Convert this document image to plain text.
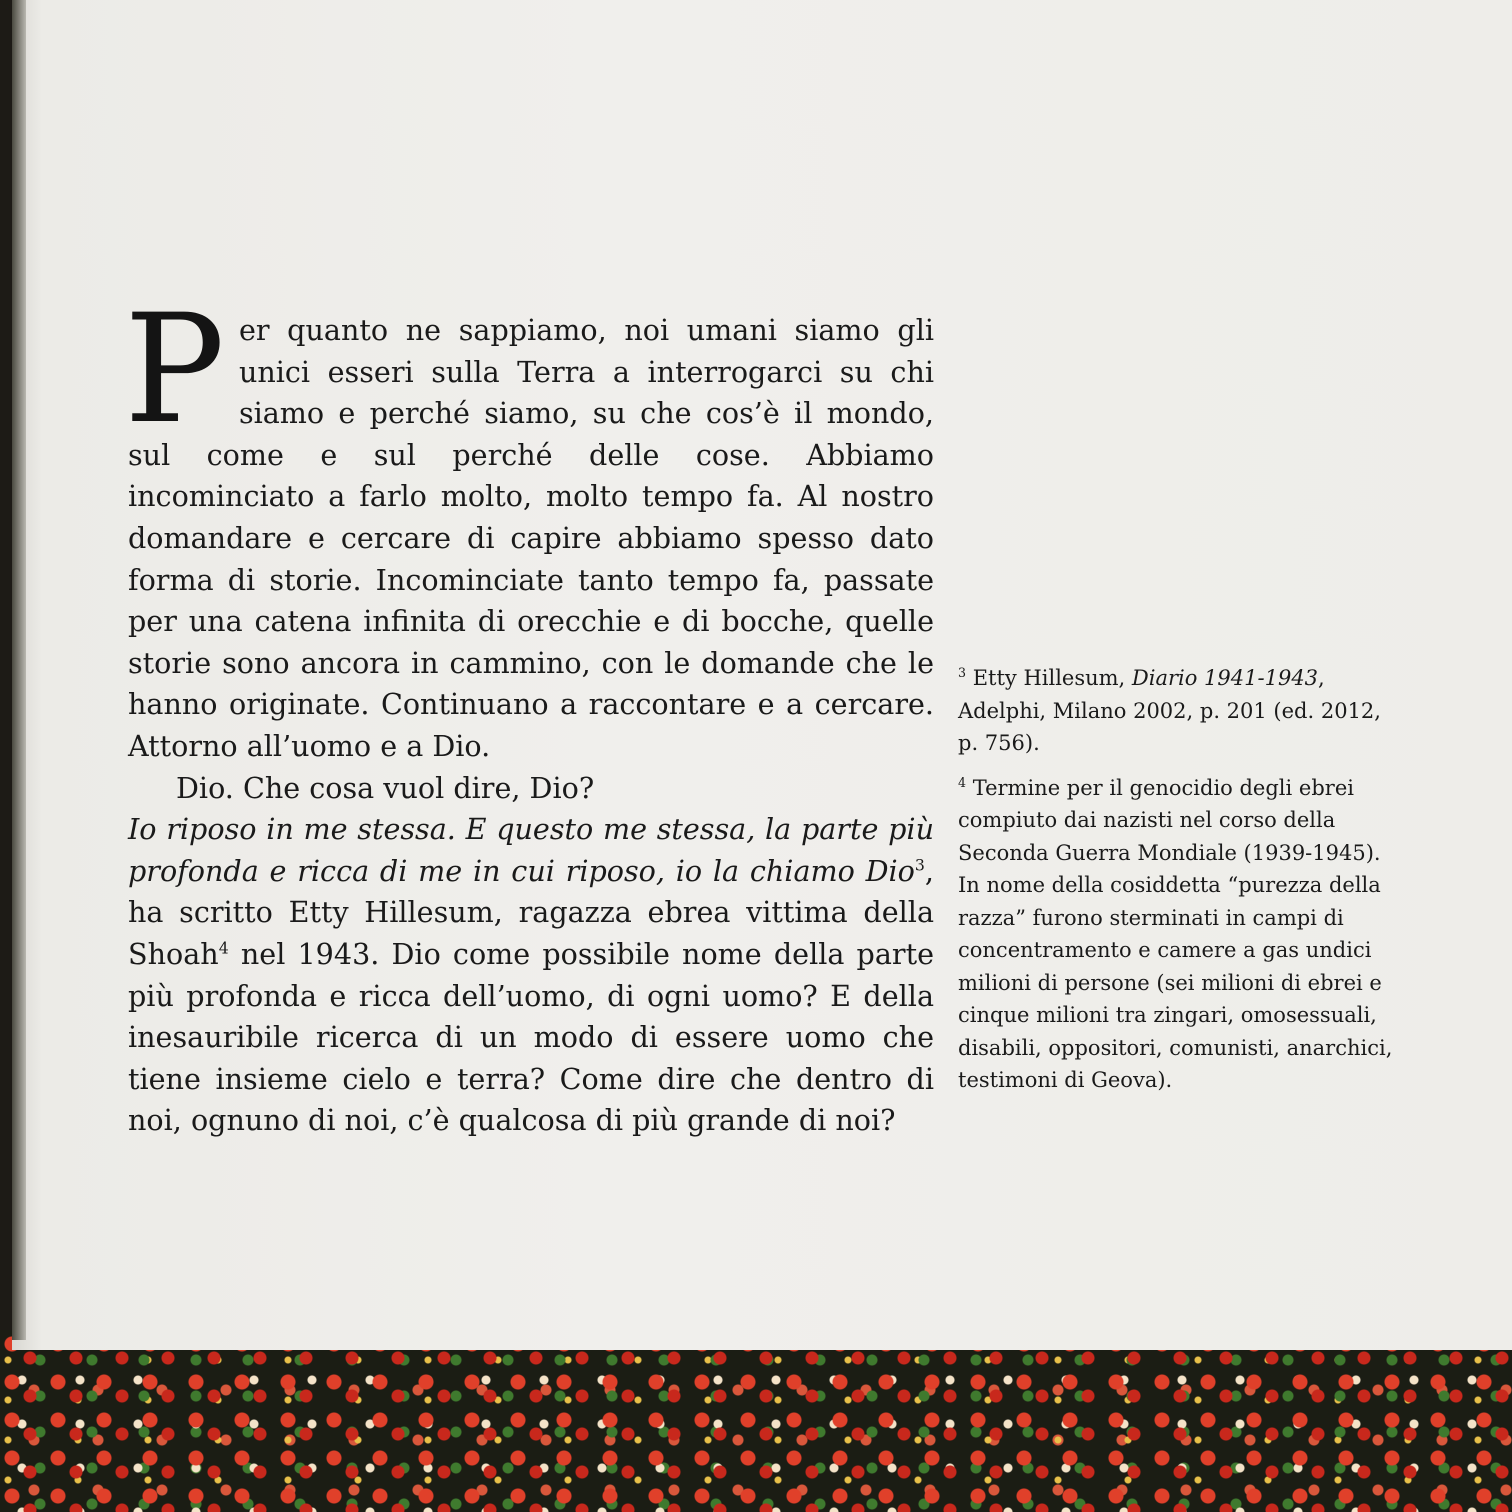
Per quanto ne sappiamo, noi umani siamo gli unici esseri sulla Terra a interrogarci su chi siamo e perché siamo, su che cos’è il mondo, sul come e sul perché delle cose. Abbiamo incominciato a farlo molto, molto tempo fa. Al nostro domandare e cercare di capire abbiamo spesso dato forma di storie. Incominciate tanto tempo fa, passate per una catena infinita di orecchie e di bocche, quelle storie sono ancora in cammino, con le domande che le hanno originate. Continuano a raccontare e a cercare. Attorno all’uomo e a Dio.

Dio. Che cosa vuol dire, Dio?

Io riposo in me stessa. E questo me stessa, la parte più profonda e ricca di me in cui riposo, io la chiamo Dio$^3$, ha scritto Etty Hillesum, ragazza ebrea vittima della Shoah$^4$ nel 1943. Dio come possibile nome della parte più profonda e ricca dell’uomo, di ogni uomo? E della inesauribile ricerca di un modo di essere uomo che tiene insieme cielo e terra? Come dire che dentro di noi, ognuno di noi, c’è qualcosa di più grande di noi?

$^3$ Etty Hillesum, Diario 1941-1943, Adelphi, Milano 2002, p. 201 (ed. 2012, p. 756).

$^4$ Termine per il genocidio degli ebrei compiuto dai nazisti nel corso della Seconda Guerra Mondiale (1939-1945). In nome della cosiddetta “purezza della razza” furono sterminati in campi di concentramento e camere a gas undici milioni di persone (sei milioni di ebrei e cinque milioni tra zingari, omosessuali, disabili, oppositori, comunisti, anarchici, testimoni di Geova).
